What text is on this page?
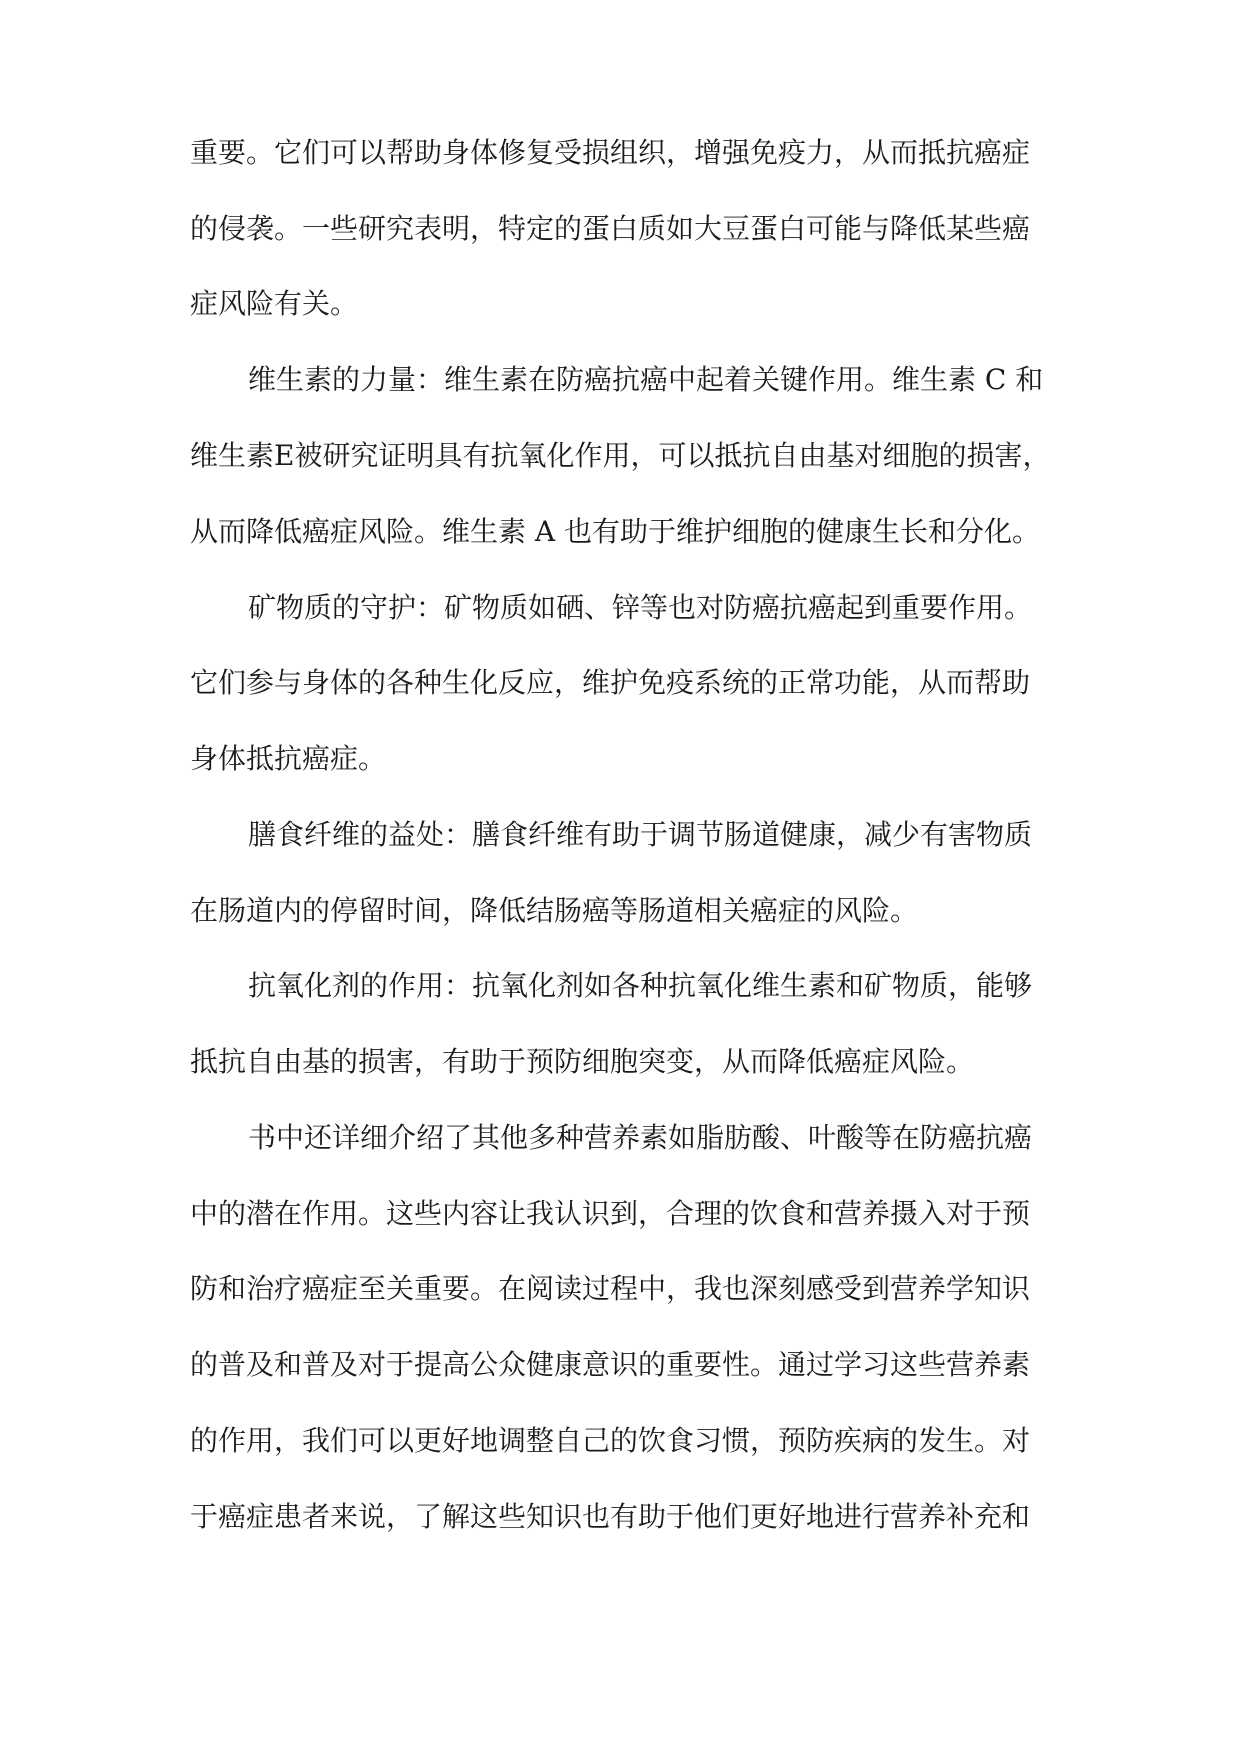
重要。它们可以帮助身体修复受损组织，增强免疫力，从而抵抗癌症
的侵袭。一些研究表明，特定的蛋白质如大豆蛋白可能与降低某些癌
症风险有关。
维生素的力量：维生素在防癌抗癌中起着关键作用。维生素 C 和
维生素E被研究证明具有抗氧化作用，可以抵抗自由基对细胞的损害，
从而降低癌症风险。维生素 A 也有助于维护细胞的健康生长和分化。
矿物质的守护：矿物质如硒、锌等也对防癌抗癌起到重要作用。
它们参与身体的各种生化反应，维护免疫系统的正常功能，从而帮助
身体抵抗癌症。
膳食纤维的益处：膳食纤维有助于调节肠道健康，减少有害物质
在肠道内的停留时间，降低结肠癌等肠道相关癌症的风险。
抗氧化剂的作用：抗氧化剂如各种抗氧化维生素和矿物质，能够
抵抗自由基的损害，有助于预防细胞突变，从而降低癌症风险。
书中还详细介绍了其他多种营养素如脂肪酸、叶酸等在防癌抗癌
中的潜在作用。这些内容让我认识到，合理的饮食和营养摄入对于预
防和治疗癌症至关重要。在阅读过程中，我也深刻感受到营养学知识
的普及和普及对于提高公众健康意识的重要性。通过学习这些营养素
的作用，我们可以更好地调整自己的饮食习惯，预防疾病的发生。对
于癌症患者来说，了解这些知识也有助于他们更好地进行营养补充和
